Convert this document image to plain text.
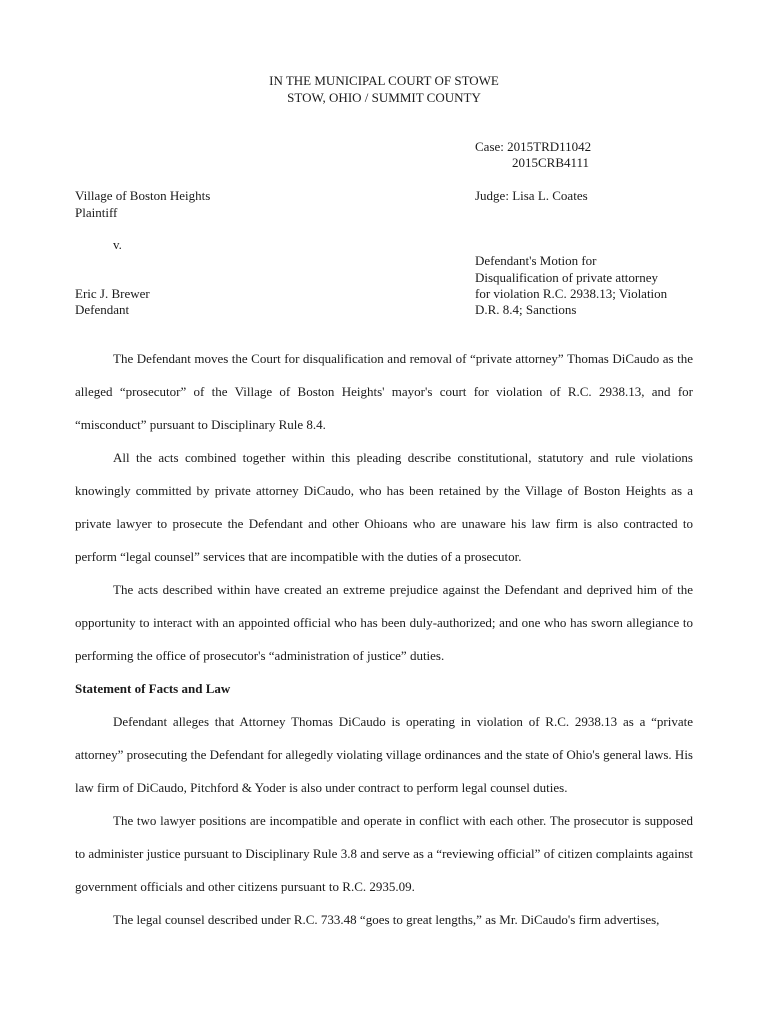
IN THE MUNICIPAL COURT OF STOWE
STOW, OHIO / SUMMIT COUNTY
Case: 2015TRD11042
2015CRB4111
Village of Boston Heights
Plaintiff
Judge: Lisa L. Coates
v.
Defendant's Motion for
Disqualification of private attorney
for violation R.C. 2938.13; Violation
D.R. 8.4; Sanctions
Eric J. Brewer
Defendant

The Defendant moves the Court for disqualification and removal of “private attorney” Thomas DiCaudo as the alleged “prosecutor” of the Village of Boston Heights' mayor's court for violation of R.C. 2938.13, and for “misconduct” pursuant to Disciplinary Rule 8.4.

All the acts combined together within this pleading describe constitutional, statutory and rule violations knowingly committed by private attorney DiCaudo, who has been retained by the Village of Boston Heights as a private lawyer to prosecute the Defendant and other Ohioans who are unaware his law firm is also contracted to perform “legal counsel” services that are incompatible with the duties of a prosecutor.

The acts described within have created an extreme prejudice against the Defendant and deprived him of the opportunity to interact with an appointed official who has been duly-authorized; and one who has sworn allegiance to performing the office of prosecutor's “administration of justice” duties.

Statement of Facts and Law

Defendant alleges that Attorney Thomas DiCaudo is operating in violation of R.C. 2938.13 as a “private attorney” prosecuting the Defendant for allegedly violating village ordinances and the state of Ohio's general laws. His law firm of DiCaudo, Pitchford & Yoder is also under contract to perform legal counsel duties.

The two lawyer positions are incompatible and operate in conflict with each other. The prosecutor is supposed to administer justice pursuant to Disciplinary Rule 3.8 and serve as a “reviewing official” of citizen complaints against government officials and other citizens pursuant to R.C. 2935.09.

The legal counsel described under R.C. 733.48 “goes to great lengths,” as Mr. DiCaudo's firm advertises,
